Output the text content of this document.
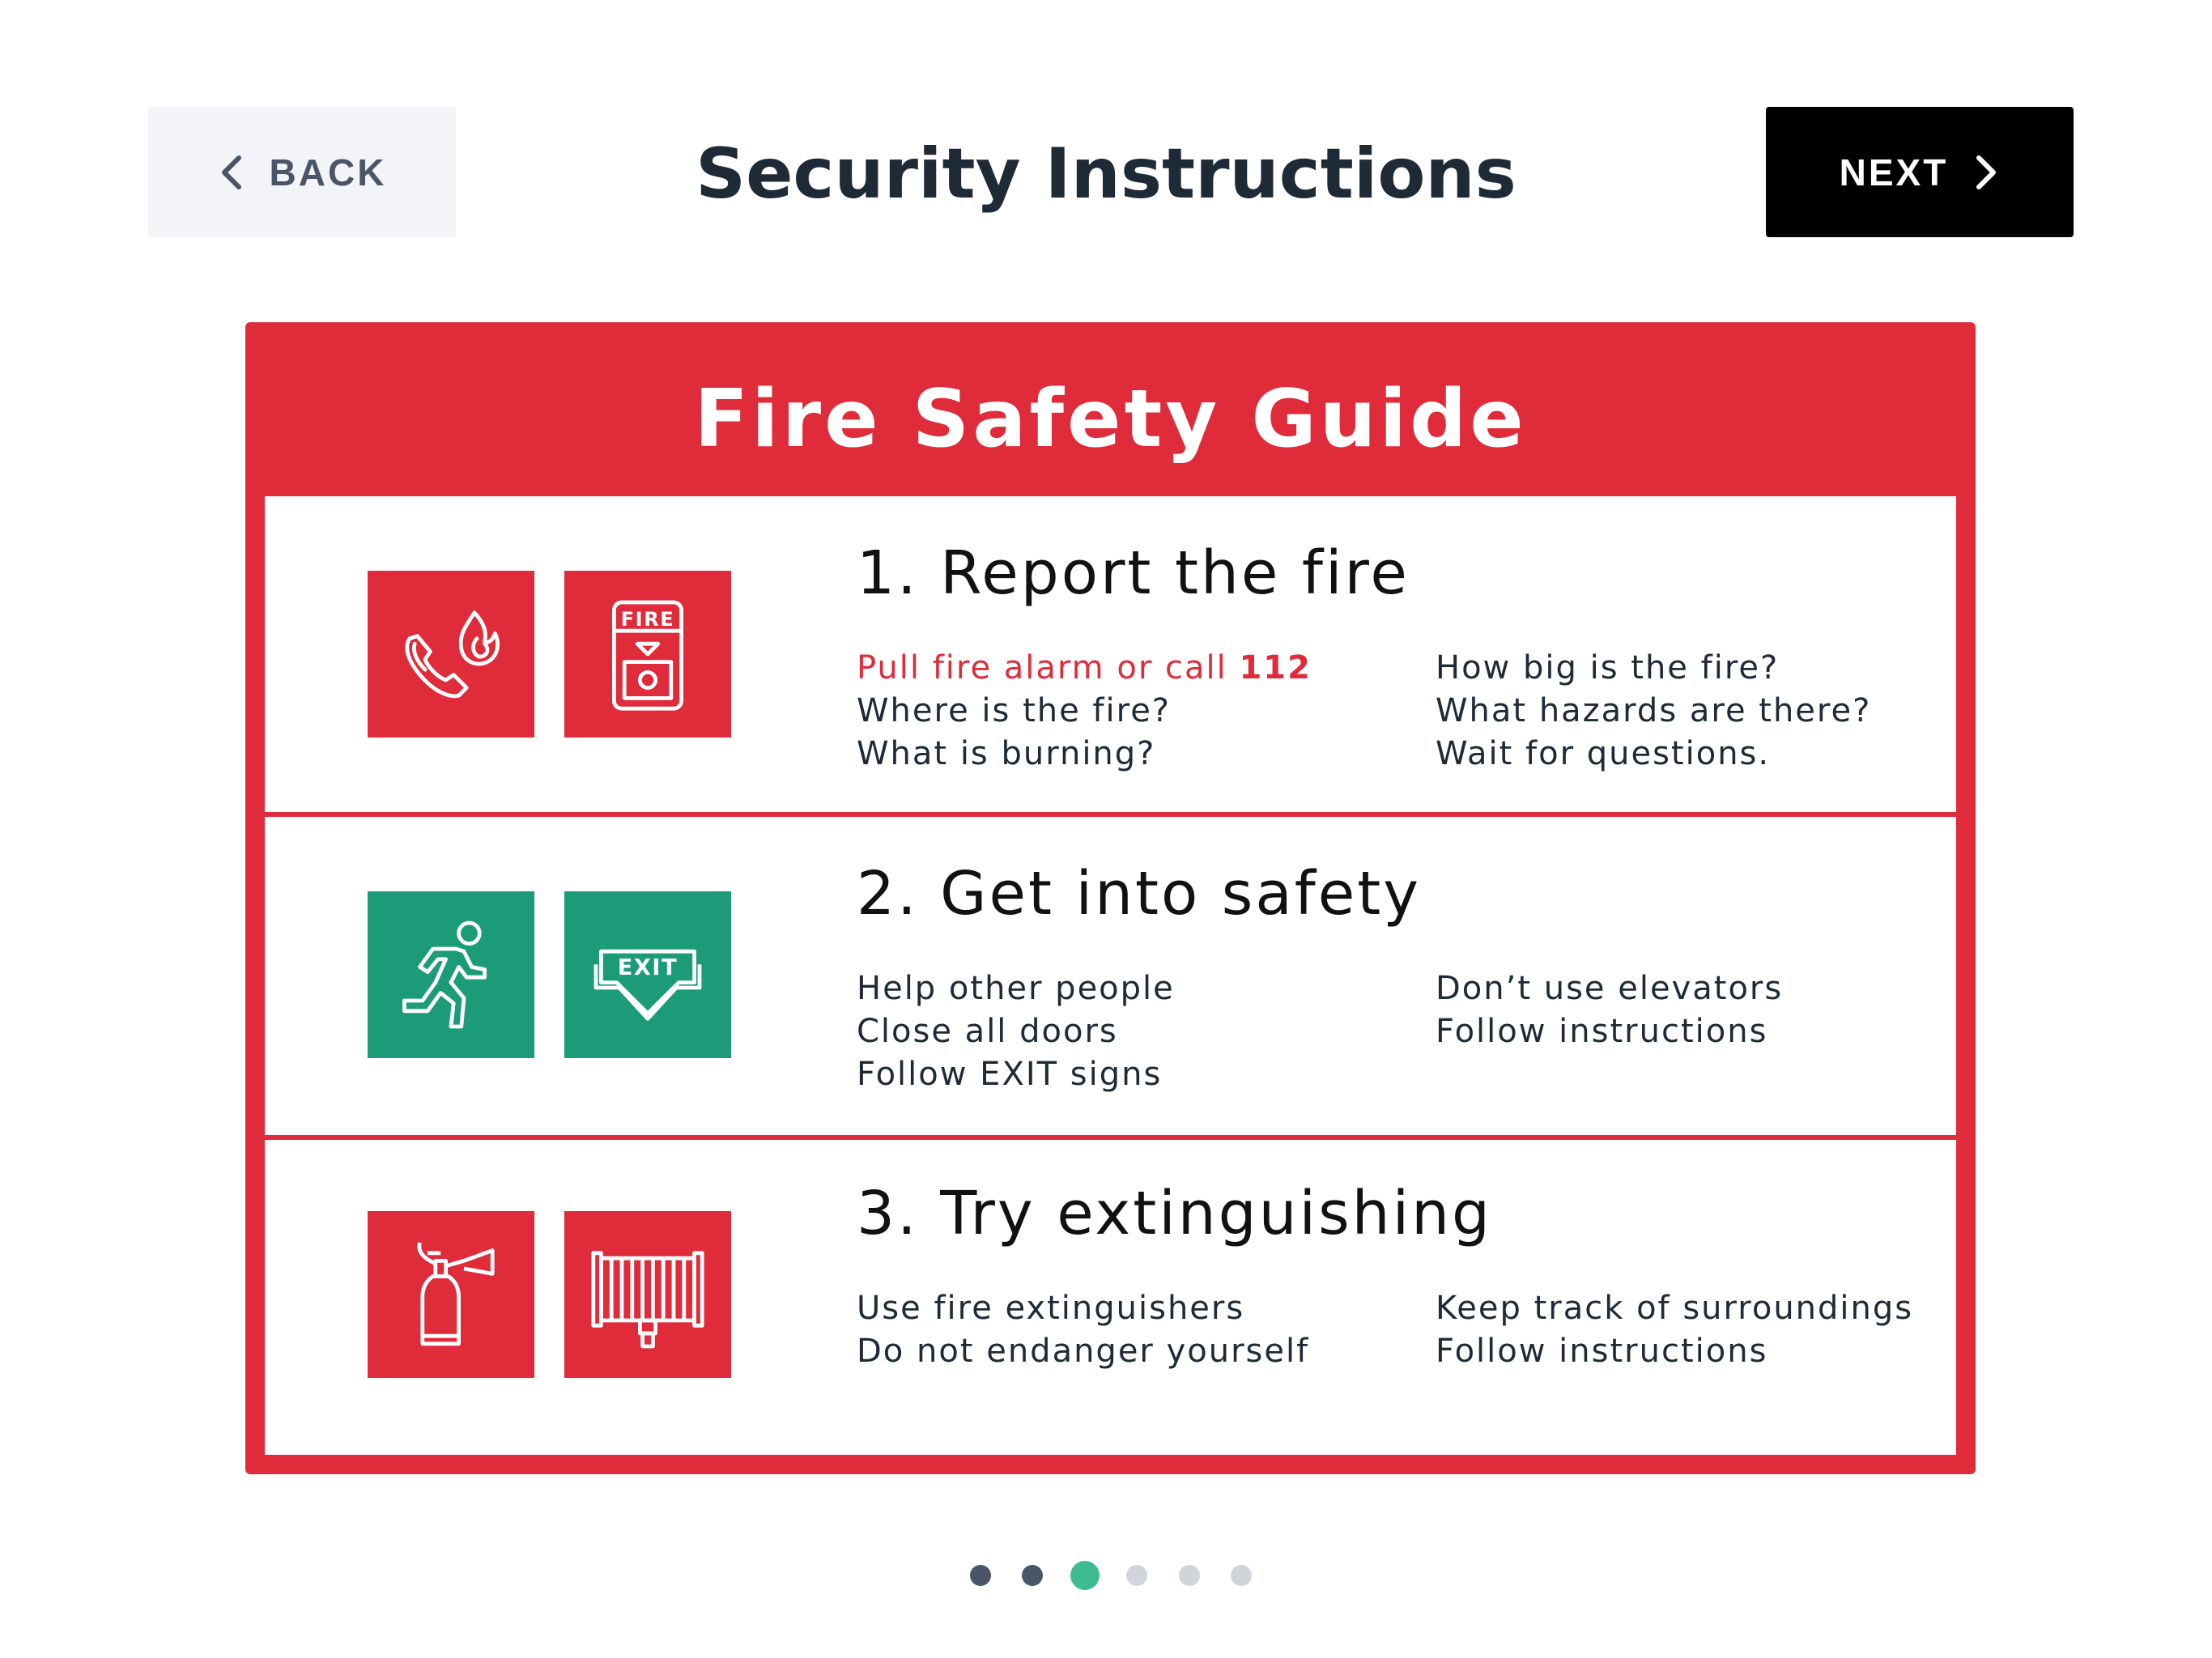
BACK	Security Instructions	NEXT
Fire Safety Guide
FIRE
1. Report the fire
Pull fire alarm or call 112
Where is the fire?
What is burning?
How big is the fire?
What hazards are there?
Wait for questions.
EXIT
2. Get into safety
Help other people
Close all doors
Follow EXIT signs
Don’t use elevators
Follow instructions
3. Try extinguishing
Use fire extinguishers
Do not endanger yourself
Keep track of surroundings
Follow instructions
